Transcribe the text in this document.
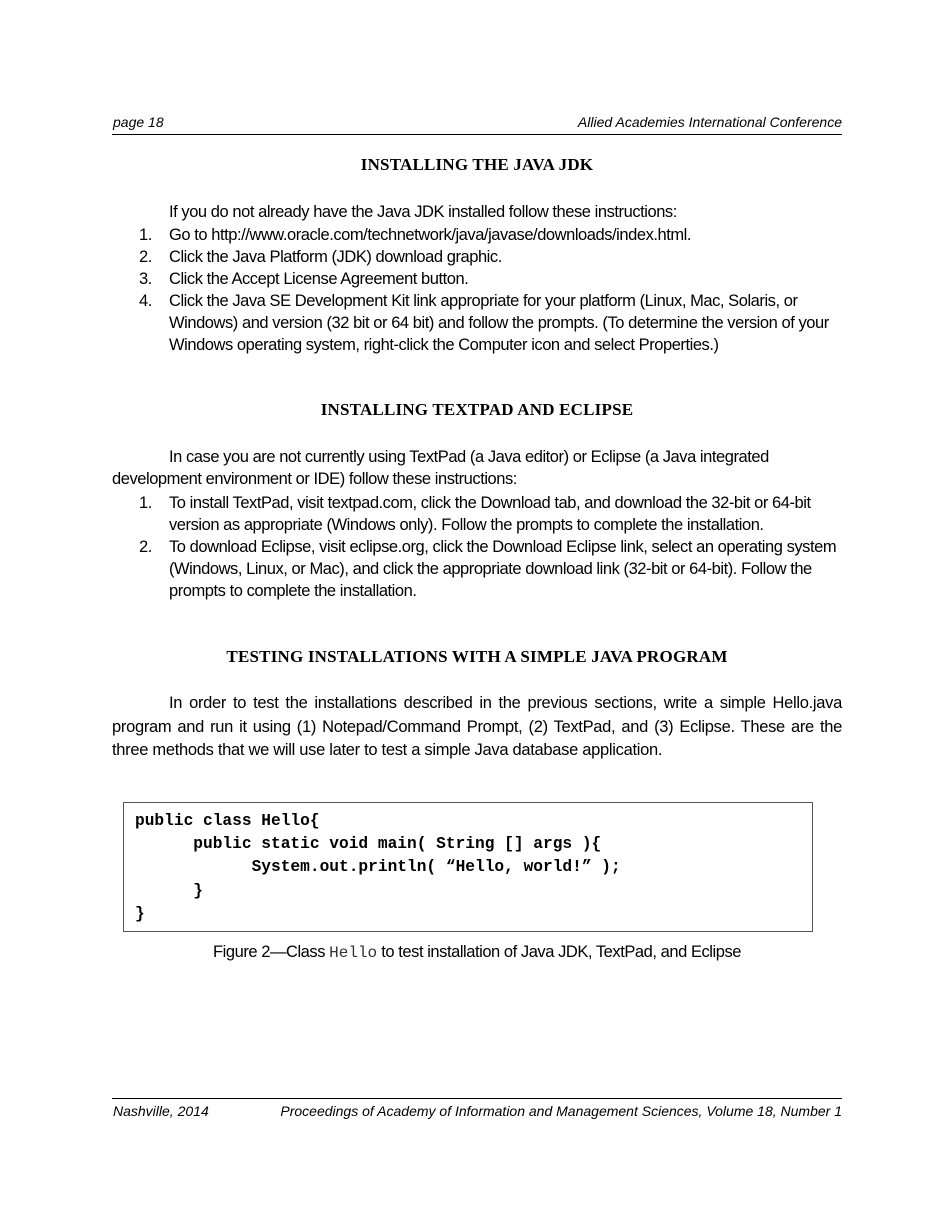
page 18	Allied Academies International Conference
INSTALLING THE JAVA JDK

If you do not already have the Java JDK installed follow these instructions:

1. Go to http://www.oracle.com/technetwork/java/javase/downloads/index.html.
2. Click the Java Platform (JDK) download graphic.
3. Click the Accept License Agreement button.
4. Click the Java SE Development Kit link appropriate for your platform (Linux, Mac, Solaris, or Windows) and version (32 bit or 64 bit) and follow the prompts. (To determine the version of your Windows operating system, right-click the Computer icon and select Properties.)
INSTALLING TEXTPAD AND ECLIPSE

In case you are not currently using TextPad (a Java editor) or Eclipse (a Java integrated development environment or IDE) follow these instructions:

1. To install TextPad, visit textpad.com, click the Download tab, and download the 32-bit or 64-bit version as appropriate (Windows only). Follow the prompts to complete the installation.
2. To download Eclipse, visit eclipse.org, click the Download Eclipse link, select an operating system (Windows, Linux, or Mac), and click the appropriate download link (32-bit or 64-bit). Follow the prompts to complete the installation.
TESTING INSTALLATIONS WITH A SIMPLE JAVA PROGRAM

In order to test the installations described in the previous sections, write a simple Hello.java program and run it using (1) Notepad/Command Prompt, (2) TextPad, and (3) Eclipse. These are the three methods that we will use later to test a simple Java database application.

public class Hello{
public static void main( String [] args ){
System.out.println( “Hello, world!” );
}
}
Figure 2—Class Hello to test installation of Java JDK, TextPad, and Eclipse
Nashville, 2014	Proceedings of Academy of Information and Management Sciences, Volume 18, Number 1
